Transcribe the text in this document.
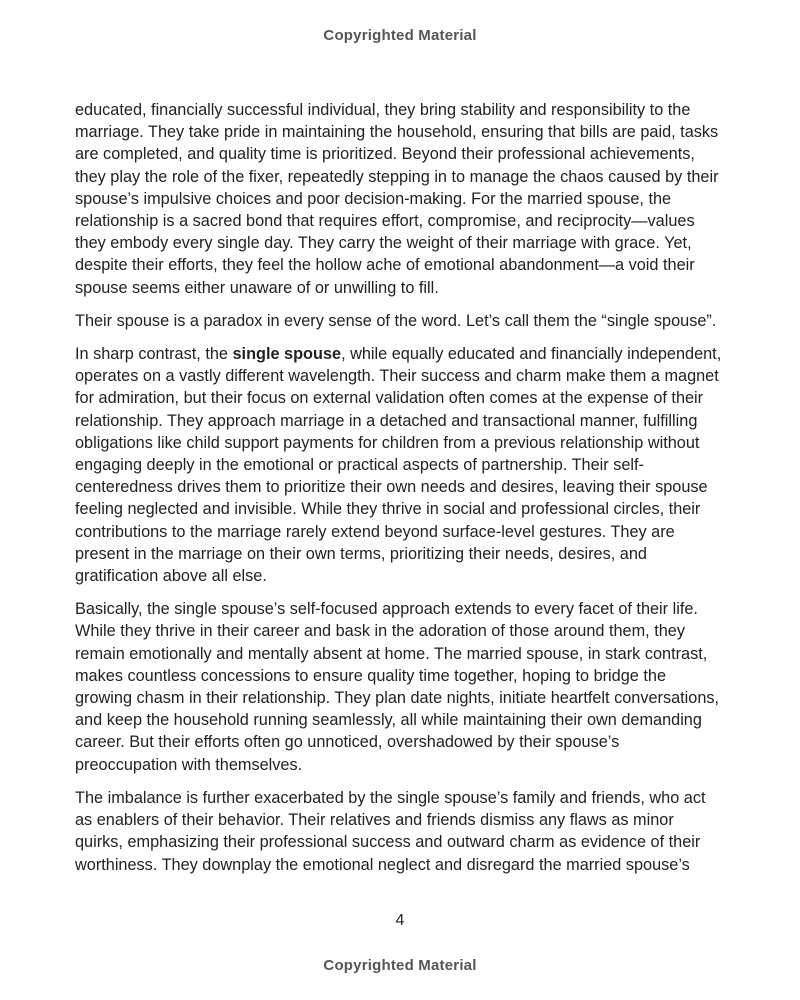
Copyrighted Material

educated, financially successful individual, they bring stability and responsibility to the marriage. They take pride in maintaining the household, ensuring that bills are paid, tasks are completed, and quality time is prioritized. Beyond their professional achievements, they play the role of the fixer, repeatedly stepping in to manage the chaos caused by their spouse’s impulsive choices and poor decision-making. For the married spouse, the relationship is a sacred bond that requires effort, compromise, and reciprocity—values they embody every single day. They carry the weight of their marriage with grace. Yet, despite their efforts, they feel the hollow ache of emotional abandonment—a void their spouse seems either unaware of or unwilling to fill.

Their spouse is a paradox in every sense of the word. Let’s call them the “single spouse”.

In sharp contrast, the single spouse, while equally educated and financially independent, operates on a vastly different wavelength. Their success and charm make them a magnet for admiration, but their focus on external validation often comes at the expense of their relationship. They approach marriage in a detached and transactional manner, fulfilling obligations like child support payments for children from a previous relationship without engaging deeply in the emotional or practical aspects of partnership. Their self-centeredness drives them to prioritize their own needs and desires, leaving their spouse feeling neglected and invisible. While they thrive in social and professional circles, their contributions to the marriage rarely extend beyond surface-level gestures. They are present in the marriage on their own terms, prioritizing their needs, desires, and gratification above all else.

Basically, the single spouse’s self-focused approach extends to every facet of their life. While they thrive in their career and bask in the adoration of those around them, they remain emotionally and mentally absent at home. The married spouse, in stark contrast, makes countless concessions to ensure quality time together, hoping to bridge the growing chasm in their relationship. They plan date nights, initiate heartfelt conversations, and keep the household running seamlessly, all while maintaining their own demanding career. But their efforts often go unnoticed, overshadowed by their spouse’s preoccupation with themselves.

The imbalance is further exacerbated by the single spouse’s family and friends, who act as enablers of their behavior. Their relatives and friends dismiss any flaws as minor quirks, emphasizing their professional success and outward charm as evidence of their worthiness. They downplay the emotional neglect and disregard the married spouse’s

4
Copyrighted Material
